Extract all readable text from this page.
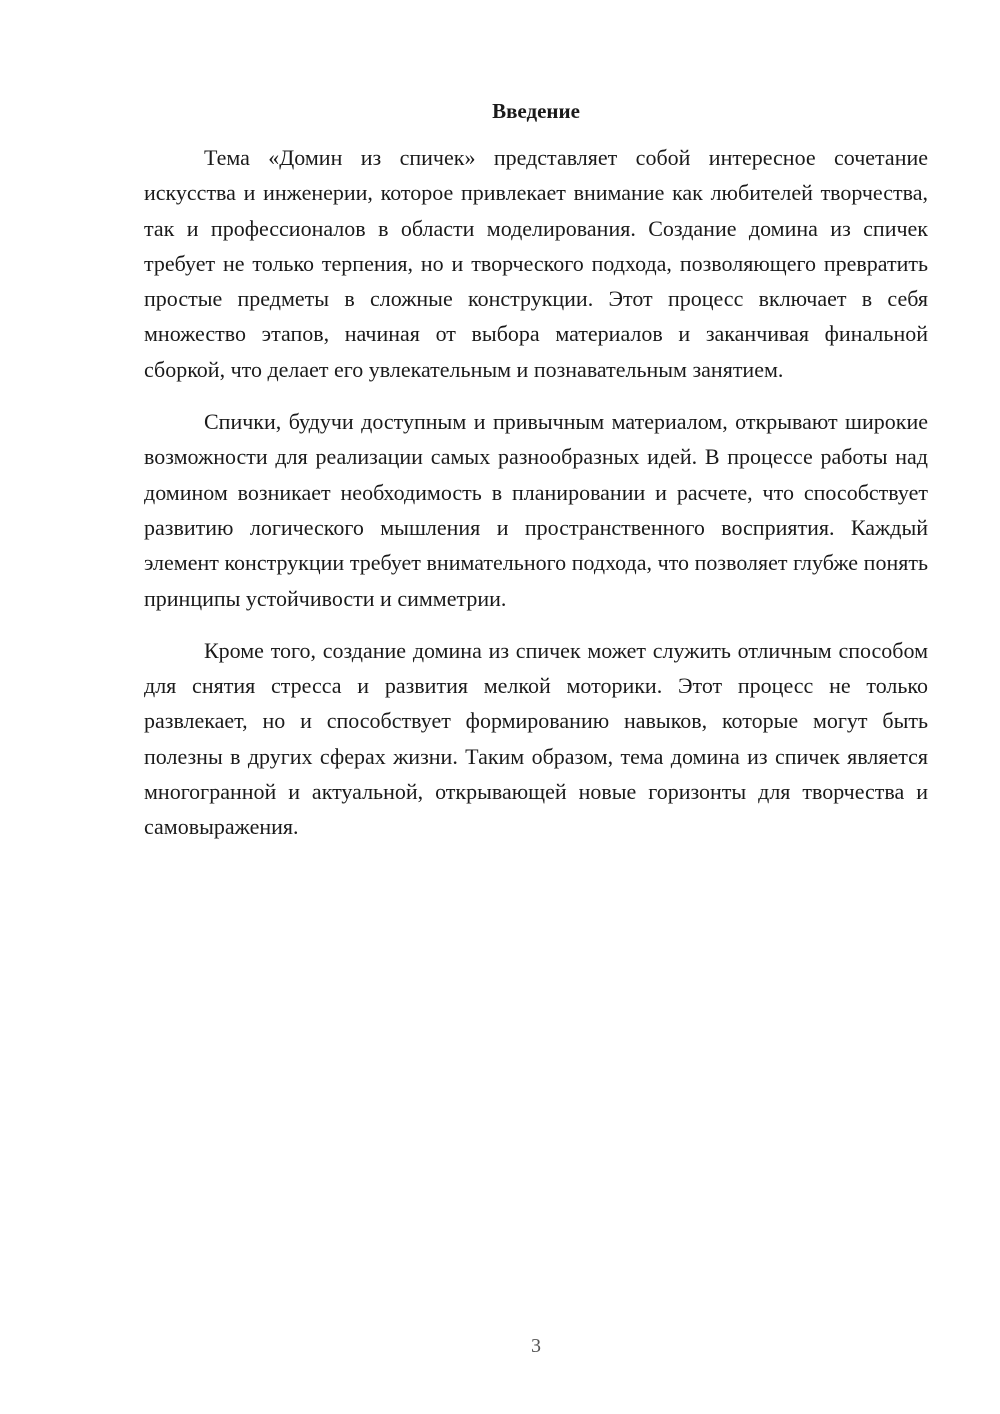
Введение

Тема «Домин из спичек» представляет собой интересное сочетание искусства и инженерии, которое привлекает внимание как любителей творчества, так и профессионалов в области моделирования. Создание домина из спичек требует не только терпения, но и творческого подхода, позволяющего превратить простые предметы в сложные конструкции. Этот процесс включает в себя множество этапов, начиная от выбора материалов и заканчивая финальной сборкой, что делает его увлекательным и познавательным занятием.

Спички, будучи доступным и привычным материалом, открывают широкие возможности для реализации самых разнообразных идей. В процессе работы над домином возникает необходимость в планировании и расчете, что способствует развитию логического мышления и пространственного восприятия. Каждый элемент конструкции требует внимательного подхода, что позволяет глубже понять принципы устойчивости и симметрии.

Кроме того, создание домина из спичек может служить отличным способом для снятия стресса и развития мелкой моторики. Этот процесс не только развлекает, но и способствует формированию навыков, которые могут быть полезны в других сферах жизни. Таким образом, тема домина из спичек является многогранной и актуальной, открывающей новые горизонты для творчества и самовыражения.

3
